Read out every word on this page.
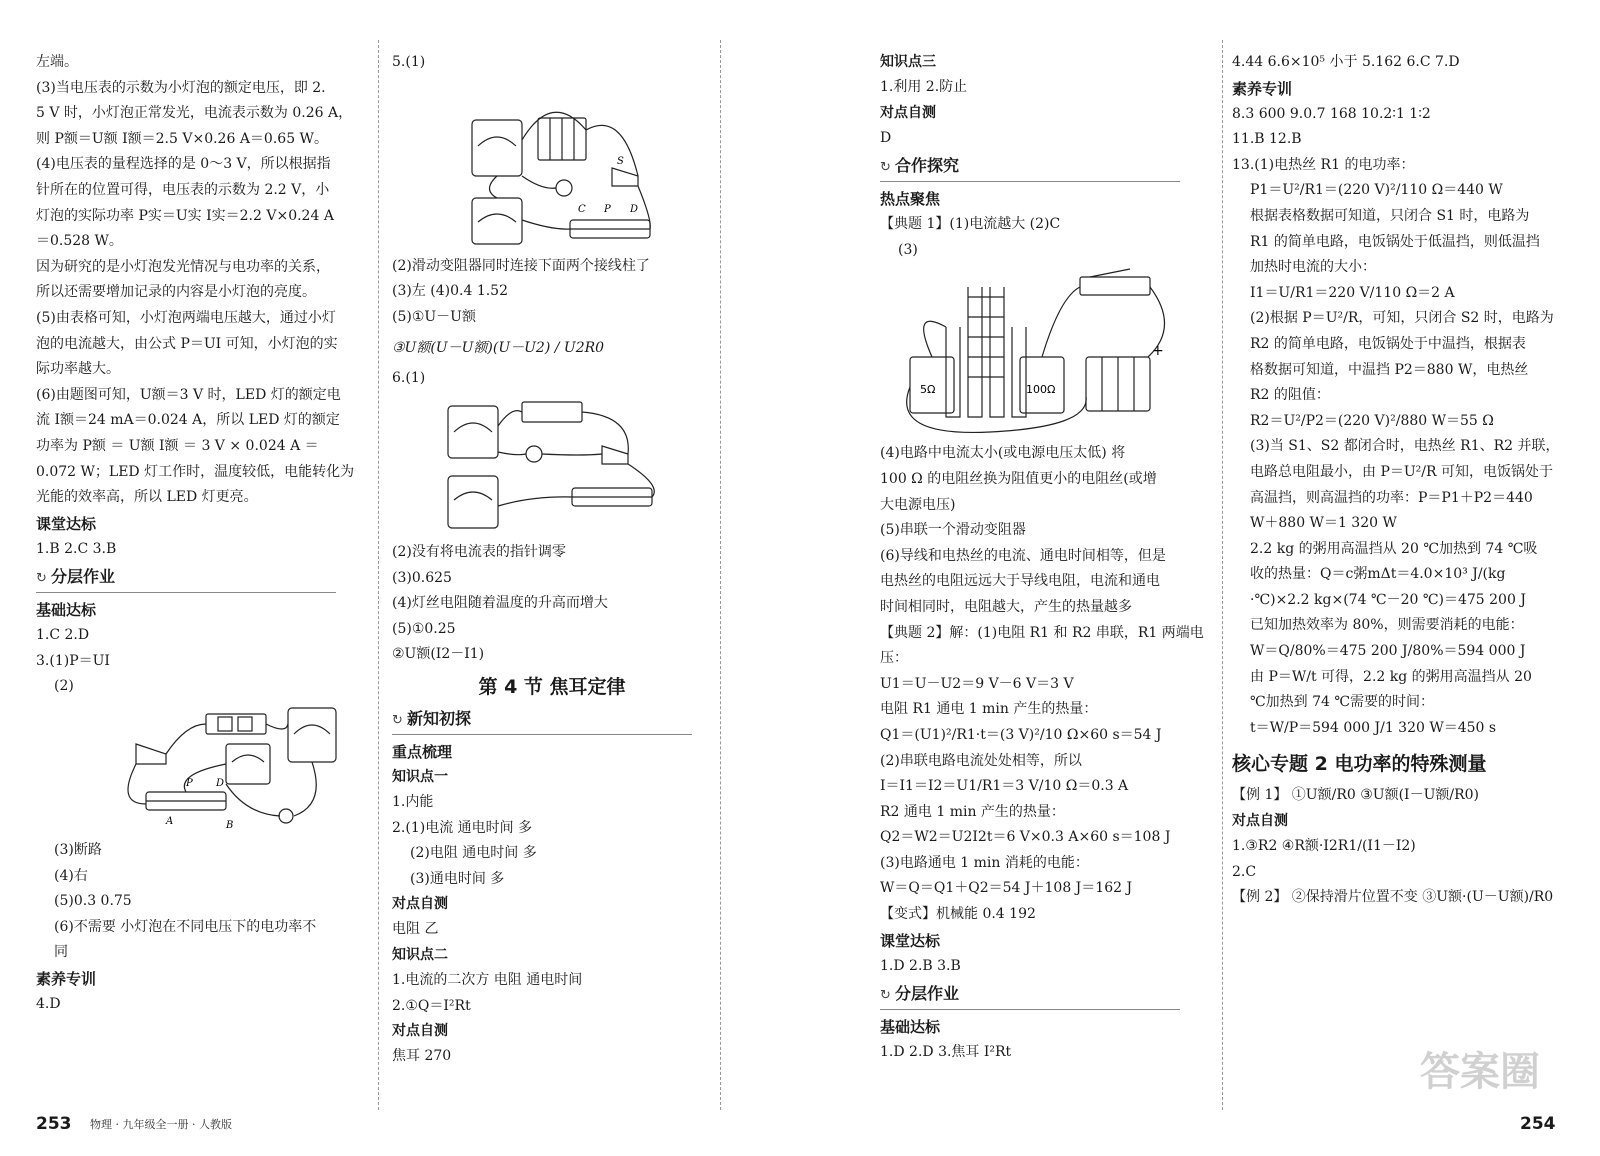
左端。
(3)当电压表的示数为小灯泡的额定电压，即 2.
5 V 时，小灯泡正常发光，电流表示数为 0.26 A，
则 P额＝U额 I额＝2.5 V×0.26 A＝0.65 W。
(4)电压表的量程选择的是 0～3 V，所以根据指
针所在的位置可得，电压表的示数为 2.2 V，小
灯泡的实际功率 P实＝U实 I实＝2.2 V×0.24 A
＝0.528 W。
因为研究的是小灯泡发光情况与电功率的关系，
所以还需要增加记录的内容是小灯泡的亮度。
(5)由表格可知，小灯泡两端电压越大，通过小灯
泡的电流越大，由公式 P＝UI 可知，小灯泡的实
际功率越大。
(6)由题图可知，U额＝3 V 时，LED 灯的额定电
流 I额＝24 mA＝0.024 A，所以 LED 灯的额定
功率为 P额 ＝ U额 I额 ＝ 3 V × 0.024 A ＝
0.072 W；LED 灯工作时，温度较低，电能转化为
光能的效率高，所以 LED 灯更亮。
课堂达标
1.B 2.C 3.B
↻ 分层作业
基础达标
1.C 2.D
3.(1)P＝UI
(2)
P D
A	B
(3)断路
(4)右
(5)0.3 0.75
(6)不需要 小灯泡在不同电压下的电功率不
同
素养专训
4.D
5.(1)
C P D
S
(2)滑动变阻器同时连接下面两个接线柱了
(3)左 (4)0.4 1.52
(5)①U－U额
③U额(U－U额)(U－U2) / U2R0
6.(1)
(2)没有将电流表的指针调零
(3)0.625
(4)灯丝电阻随着温度的升高而增大
(5)①0.25
②U额(I2－I1)
第 4 节 焦耳定律
↻ 新知初探
重点梳理
知识点一
1.内能
2.(1)电流 通电时间 多
(2)电阻 通电时间 多
(3)通电时间 多
对点自测
电阻 乙
知识点二
1.电流的二次方 电阻 通电时间
2.①Q＝I²Rt
对点自测
焦耳 270
知识点三
1.利用 2.防止
对点自测
D
↻ 合作探究
热点聚焦
【典题 1】(1)电流越大 (2)C
(3)
5Ω	100Ω
+
(4)电路中电流太小(或电源电压太低) 将
100 Ω 的电阻丝换为阻值更小的电阻丝(或增
大电源电压)
(5)串联一个滑动变阻器
(6)导线和电热丝的电流、通电时间相等，但是
电热丝的电阻远远大于导线电阻，电流和通电
时间相同时，电阻越大，产生的热量越多
【典题 2】解：(1)电阻 R1 和 R2 串联，R1 两端电
压：
U1＝U－U2＝9 V－6 V＝3 V
电阻 R1 通电 1 min 产生的热量：
Q1＝(U1)²/R1·t＝(3 V)²/10 Ω×60 s＝54 J
(2)串联电路电流处处相等，所以
I＝I1＝I2＝U1/R1＝3 V/10 Ω＝0.3 A
R2 通电 1 min 产生的热量：
Q2＝W2＝U2I2t＝6 V×0.3 A×60 s＝108 J
(3)电路通电 1 min 消耗的电能：
W＝Q＝Q1＋Q2＝54 J＋108 J＝162 J
【变式】机械能 0.4 192
课堂达标
1.D 2.B 3.B
↻ 分层作业
基础达标
1.D 2.D 3.焦耳 I²Rt
4.44 6.6×10⁵ 小于 5.162 6.C 7.D
素养专训
8.3 600 9.0.7 168 10.2∶1 1∶2
11.B 12.B
13.(1)电热丝 R1 的电功率：
P1＝U²/R1＝(220 V)²/110 Ω＝440 W
根据表格数据可知道，只闭合 S1 时，电路为
R1 的简单电路，电饭锅处于低温挡，则低温挡
加热时电流的大小：
I1＝U/R1＝220 V/110 Ω＝2 A
(2)根据 P＝U²/R，可知，只闭合 S2 时，电路为
R2 的简单电路，电饭锅处于中温挡，根据表
格数据可知道，中温挡 P2＝880 W，电热丝
R2 的阻值：
R2＝U²/P2＝(220 V)²/880 W＝55 Ω
(3)当 S1、S2 都闭合时，电热丝 R1、R2 并联，
电路总电阻最小，由 P＝U²/R 可知，电饭锅处于
高温挡，则高温挡的功率：P＝P1＋P2＝440
W＋880 W＝1 320 W
2.2 kg 的粥用高温挡从 20 ℃加热到 74 ℃吸
收的热量：Q＝c粥mΔt＝4.0×10³ J/(kg
·℃)×2.2 kg×(74 ℃－20 ℃)＝475 200 J
已知加热效率为 80%，则需要消耗的电能：
W＝Q/80%＝475 200 J/80%＝594 000 J
由 P＝W/t 可得，2.2 kg 的粥用高温挡从 20
℃加热到 74 ℃需要的时间：
t＝W/P＝594 000 J/1 320 W＝450 s
核心专题 2 电功率的特殊测量
【例 1】 ①U额/R0 ③U额(I－U额/R0)
对点自测
1.③R2 ④R额·I2R1/(I1－I2)
2.C
【例 2】 ②保持滑片位置不变 ③U额·(U－U额)/R0
253 物理 · 九年级全一册 · 人教版	254
答案圈
